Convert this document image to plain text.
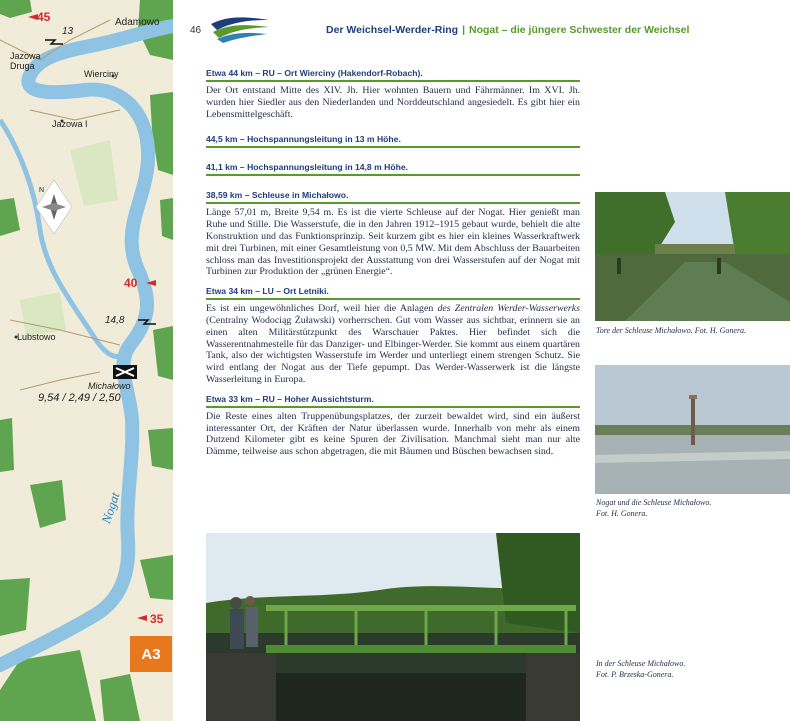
45
40
35
Adamowo
13
Jazowa
Druga
Wierciny
Jazowa I
14,8
Lubstowo
Michałowo
9,54 / 2,49 / 2,50
Nogat
N
A3
46	Der Weichsel-Werder-Ring | Nogat – die jüngere Schwester der Weichsel
Etwa 44 km – RU – Ort Wierciny (Hakendorf-Robach).

Der Ort entstand Mitte des XIV. Jh. Hier wohnten Bauern und Fährmänner. Im XVI. Jh. wurden hier Siedler aus den Niederlanden und Norddeutschland angesiedelt. Es gibt hier ein Lebensmittelgeschäft.

44,5 km – Hochspannungsleitung in 13 m Höhe.
41,1 km – Hochspannungsleitung in 14,8 m Höhe.
38,59 km – Schleuse in Michałowo.

Länge 57,01 m, Breite 9,54 m. Es ist die vierte Schleuse auf der Nogat. Hier genießt man Ruhe und Stille. Die Wasserstufe, die in den Jahren 1912–1915 gebaut wurde, behielt die alte Konstruktion und das Funktionsprinzip. Seit kurzem gibt es hier ein kleines Wasserkraftwerk mit drei Turbinen, mit einer Gesamtleistung von 0,5 MW. Mit dem Abschluss der Bauarbeiten schloss man das Investitionsprojekt der Ausstattung von drei Wasserstufen auf der Nogat mit Turbinen zur Produktion der „grünen Energie“.

Etwa 34 km – LU – Ort Letniki.

Es ist ein ungewöhnliches Dorf, weil hier die Anlagen des Zentralen Werder-Wasserwerks (Centralny Wodociąg Żuławski) vorherrschen. Gut vom Wasser aus sichtbar, erinnern sie an einen alten Militärstützpunkt des Warschauer Paktes. Hier befindet sich die Wasserentnahmestelle für das Danziger- und Elbinger-Werder. Sie kommt aus einem quartären Tank, also der wichtigsten Wasserstufe im Werder und unterliegt einem strengen Schutz. Sie wird entlang der Nogat aus der Tiefe gepumpt. Das Werder-Wasserwerk ist die längste Wasserleitung in Europa.

Etwa 33 km – RU – Hoher Aussichtsturm.

Die Reste eines alten Truppenübungsplatzes, der zurzeit bewaldet wird, sind ein äußerst interessanter Ort, der Kräften der Natur überlassen wurde. Innerhalb von mehr als einem Dutzend Kilometer gibt es keine Spuren der Zivilisation. Manchmal sieht man nur alte Dämme, teilweise aus schon abgetragen, die mit Bäumen und Büschen bewachsen sind.

Tore der Schleuse Michałowo. Fot. H. Gonera.
Nogat und die Schleuse Michałowo.
Fot. H. Gonera.
In der Schleuse Michałowo.
Fot. P. Brzeska-Gonera.
